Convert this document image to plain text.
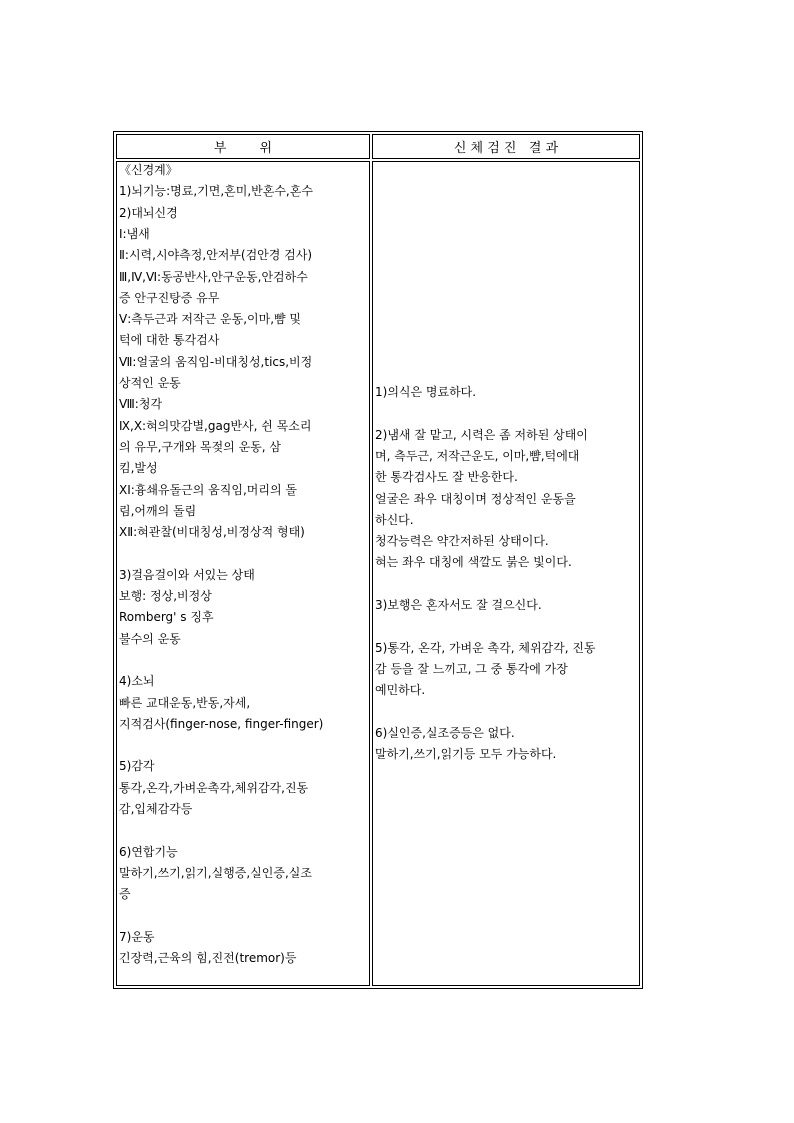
부        위	신 체 검 진   결 과
《신경계》
1)뇌기능:명료,기면,혼미,반혼수,혼수
2)대뇌신경
Ⅰ:냄새
Ⅱ:시력,시야측정,안저부(검안경 검사)
Ⅲ,Ⅳ,Ⅵ:동공반사,안구운동,안검하수
증 안구진탕증 유무
Ⅴ:측두근과 저작근 운동,이마,뺨 및
턱에 대한 통각검사
Ⅶ:얼굴의 움직임-비대칭성,tics,비정
상적인 운동
Ⅷ:청각
Ⅸ,Ⅹ:혀의맛감별,gag반사, 쉰 목소리
의 유무,구개와 목젖의 운동, 삼
킴,발성
ⅩⅠ:흉쇄유돌근의 움직임,머리의 돌
림,어깨의 돌림
ⅩⅡ:혀관찰(비대칭성,비정상적 형태)
3)걸음걸이와 서있는 상태
보행: 정상,비정상
Romberg' s 징후
불수의 운동
4)소뇌
빠른 교대운동,반동,자세,
지적검사(finger-nose, finger-finger)
5)감각
통각,온각,가벼운촉각,체위감각,진동
감,입체감각등
6)연합기능
말하기,쓰기,읽기,실행증,실인증,실조
증
7)운동
긴장력,근육의 힘,진전(tremor)등
1)의식은 명료하다.
2)냄새 잘 맡고, 시력은 좀 저하된 상태이
며, 측두근, 저작근운도, 이마,뺨,턱에대
한 통각검사도 잘 반응한다.
얼굴은 좌우 대칭이며 정상적인 운동을
하신다.
청각능력은 약간저하된 상태이다.
혀는 좌우 대칭에 색깔도 붉은 빛이다.
3)보행은 혼자서도 잘 걸으신다.
5)통각, 온각, 가벼운 촉각, 체위감각, 진동
감 등을 잘 느끼고, 그 중 통각에 가장
예민하다.
6)실인증,실조증등은 없다.
말하기,쓰기,읽기등 모두 가능하다.
